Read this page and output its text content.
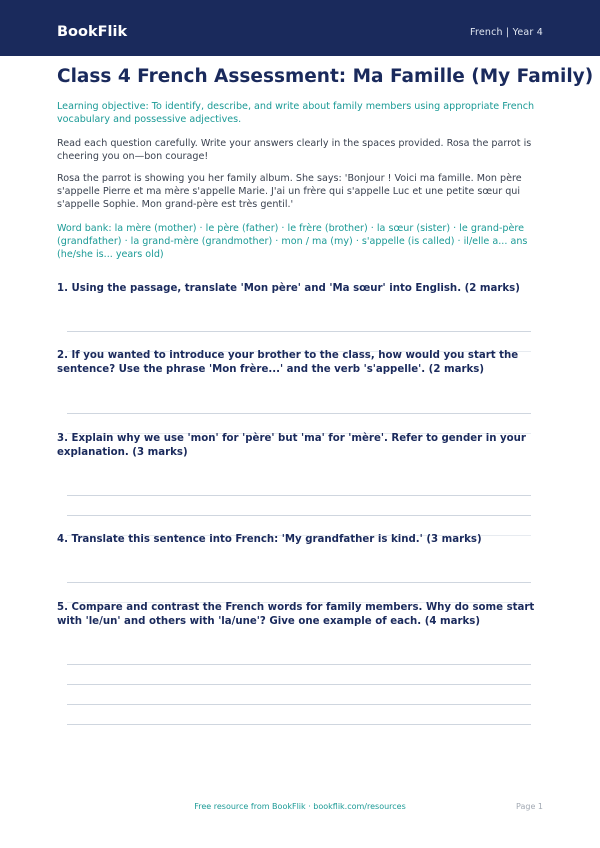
BookFlik	French | Year 4
Class 4 French Assessment: Ma Famille (My Family)
Learning objective: To identify, describe, and write about family members using appropriate French vocabulary and possessive adjectives.
Read each question carefully. Write your answers clearly in the spaces provided. Rosa the parrot is cheering you on—bon courage!
Rosa the parrot is showing you her family album. She says: 'Bonjour ! Voici ma famille. Mon père s'appelle Pierre et ma mère s'appelle Marie. J'ai un frère qui s'appelle Luc et une petite sœur qui s'appelle Sophie. Mon grand-père est très gentil.'
Word bank: la mère (mother) · le père (father) · le frère (brother) · la sœur (sister) · le grand-père (grandfather) · la grand-mère (grandmother) · mon / ma (my) · s'appelle (is called) · il/elle a... ans (he/she is... years old)
1. Using the passage, translate 'Mon père' and 'Ma sœur' into English. (2 marks)
2. If you wanted to introduce your brother to the class, how would you start the sentence? Use the phrase 'Mon frère...' and the verb 's'appelle'. (2 marks)
3. Explain why we use 'mon' for 'père' but 'ma' for 'mère'. Refer to gender in your explanation. (3 marks)
4. Translate this sentence into French: 'My grandfather is kind.' (3 marks)
5. Compare and contrast the French words for family members. Why do some start with 'le/un' and others with 'la/une'? Give one example of each. (4 marks)
Free resource from BookFlik · bookflik.com/resources	Page 1
